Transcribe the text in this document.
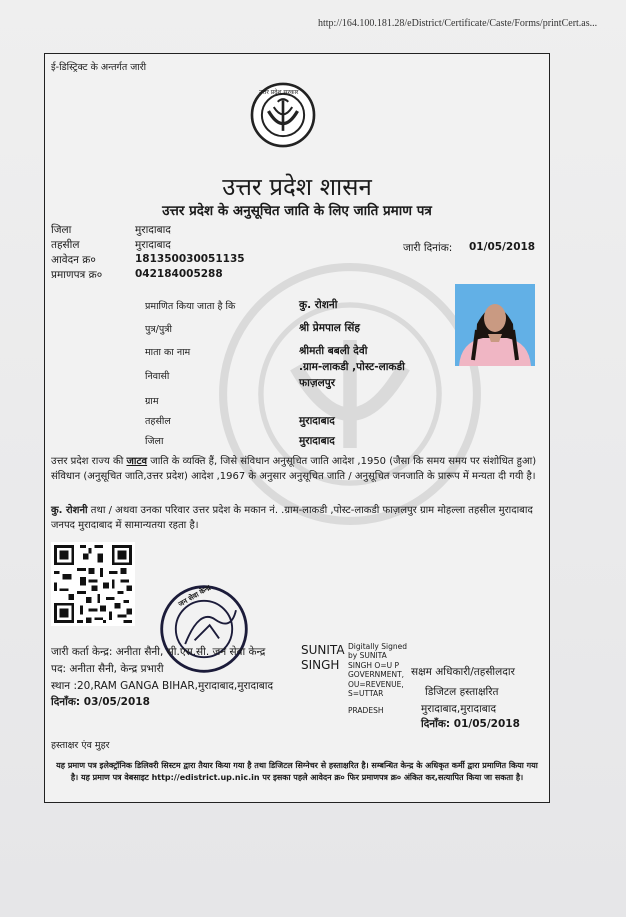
http://164.100.181.28/eDistrict/Certificate/Caste/Forms/printCert.as...
ई-डिस्ट्रिक्ट के अन्तर्गत जारी
उत्तर प्रदेश सरकार
उत्तर प्रदेश शासन
उत्तर प्रदेश के अनुसूचित जाति के लिए जाति प्रमाण पत्र
जिला	मुरादाबाद
तहसील	मुरादाबाद
आवेदन क्र०	181350030051135
प्रमाणपत्र क्र०	042184005288
जारी दिनांक: 01/05/2018
प्रमाणित किया जाता है कि	कु. रोशनी
पुत्र/पुत्री	श्री प्रेमपाल सिंह
माता का नाम	श्रीमती बबली देवी
निवासी
.ग्राम-लाकडी ,पोस्ट-लाकडी
फाज़लपुर
ग्राम
तहसील	मुरादाबाद
जिला	मुरादाबाद
उत्तर प्रदेश राज्य की जाटव जाति के व्यक्ति हैं, जिसे संविधान अनुसूचित जाति आदेश ,1950 (जैसा कि समय समय पर संशोधित हुआ) संविधान (अनुसूचित जाति,उत्तर प्रदेश) आदेश ,1967 के अनुसार अनुसूचित जाति / अनुसूचित जनजाति के प्रारूप में मन्यता दी गयी है।
कु. रोशनी तथा / अथवा उनका परिवार उत्तर प्रदेश के मकान नं. .ग्राम-लाकडी ,पोस्ट-लाकडी फाज़लपुर ग्राम मोहल्ला तहसील मुरादाबाद जनपद मुरादाबाद में सामान्यतया रहता है।
जन सेवा केन्द्र
जारी कर्ता केन्द्र: अनीता सैनी, सी.एस.सी. जन सेवा केन्द्र
पद: अनीता सैनी, केन्द्र प्रभारी
स्थान :20,RAM GANGA BIHAR,मुरादाबाद,मुरादाबाद
दिनाँक: 03/05/2018
SUNITA
SINGH
Digitally Signed
by SUNITA
SINGH O=U P
GOVERNMENT,
OU=REVENUE,
S=UTTAR
PRADESH
सक्षम अधिकारी/तहसीलदार
डिजिटल हस्ताक्षरित
मुरादाबाद,मुरादाबाद
दिनाँक: 01/05/2018
हस्ताक्षर एंव मुहर
यह प्रमाण पत्र इलेक्ट्रॉनिक डिलिवरी सिस्टम द्वारा तैयार किया गया है तथा डिजिटल सिग्नेचर से हस्ताक्षरित है। सम्बन्धित केन्द्र के अधिकृत कर्मी द्वारा प्रमाणित किया गया है। यह प्रमाण पत्र वेबसाइट http://edistrict.up.nic.in पर इसका पहले आवेदन क्र० फिर प्रमाणपत्र क्र० अंकित कर,सत्यापित किया जा सकता है।
